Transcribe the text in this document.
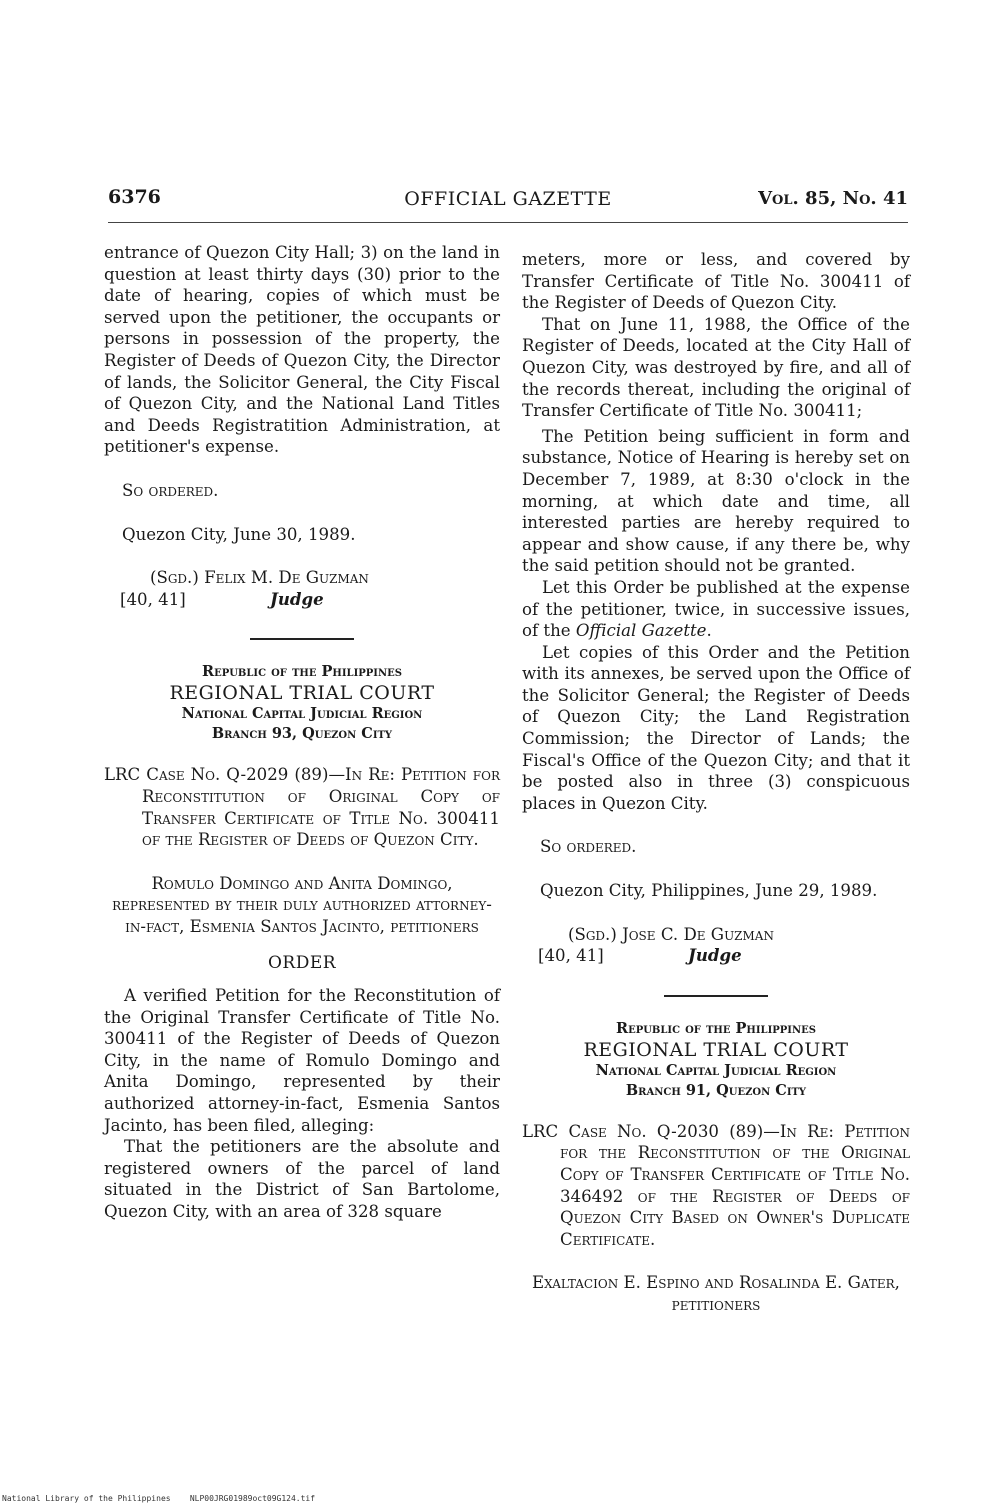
6376	OFFICIAL GAZETTE	Vol. 85, No. 41

entrance of Quezon City Hall; 3) on the land in question at least thirty days (30) prior to the date of hearing, copies of which must be served upon the petitioner, the occupants or persons in possession of the property, the Register of Deeds of Quezon City, the Director of lands, the Solicitor General, the City Fiscal of Quezon City, and the National Land Titles and Deeds Registratition Administration, at petitioner's expense.

So ordered.

Quezon City, June 30, 1989.

(Sgd.) Felix M. De Guzman
[40, 41]	Judge
Republic of the Philippines
REGIONAL TRIAL COURT
National Capital Judicial Region
Branch 93, Quezon City

LRC Case No. Q-2029 (89)—In Re: Petition for Reconstitution of Original Copy of Transfer Certificate of Title No. 300411 of the Register of Deeds of Quezon City.

Romulo Domingo and Anita Domingo, represented by their duly authorized attorney-in-fact, Esmenia Santos Jacinto, petitioners

ORDER

A verified Petition for the Reconstitution of the Original Transfer Certificate of Title No. 300411 of the Register of Deeds of Quezon City, in the name of Romulo Domingo and Anita Domingo, represented by their authorized attorney-in-fact, Esmenia Santos Jacinto, has been filed, alleging:

That the petitioners are the absolute and registered owners of the parcel of land situated in the District of San Bartolome, Quezon City, with an area of 328 square

meters, more or less, and covered by Transfer Certificate of Title No. 300411 of the Register of Deeds of Quezon City.

That on June 11, 1988, the Office of the Register of Deeds, located at the City Hall of Quezon City, was destroyed by fire, and all of the records thereat, including the original of Transfer Certificate of Title No. 300411;

The Petition being sufficient in form and substance, Notice of Hearing is hereby set on December 7, 1989, at 8:30 o'clock in the morning, at which date and time, all interested parties are hereby required to appear and show cause, if any there be, why the said petition should not be granted.

Let this Order be published at the expense of the petitioner, twice, in successive issues, of the Official Gazette.

Let copies of this Order and the Petition with its annexes, be served upon the Office of the Solicitor General; the Register of Deeds of Quezon City; the Land Registration Commission; the Director of Lands; the Fiscal's Office of the Quezon City; and that it be posted also in three (3) conspicuous places in Quezon City.

So ordered.

Quezon City, Philippines, June 29, 1989.

(Sgd.) Jose C. De Guzman
[40, 41]	Judge
Republic of the Philippines
REGIONAL TRIAL COURT
National Capital Judicial Region
Branch 91, Quezon City

LRC Case No. Q-2030 (89)—In Re: Petition for the Reconstitution of the Original Copy of Transfer Certificate of Title No. 346492 of the Register of Deeds of Quezon City Based on Owner's Duplicate Certificate.

Exaltacion E. Espino and Rosalinda E. Gater, petitioners

National Library of the Philippines    NLP00JRG01989oct09G124.tif
